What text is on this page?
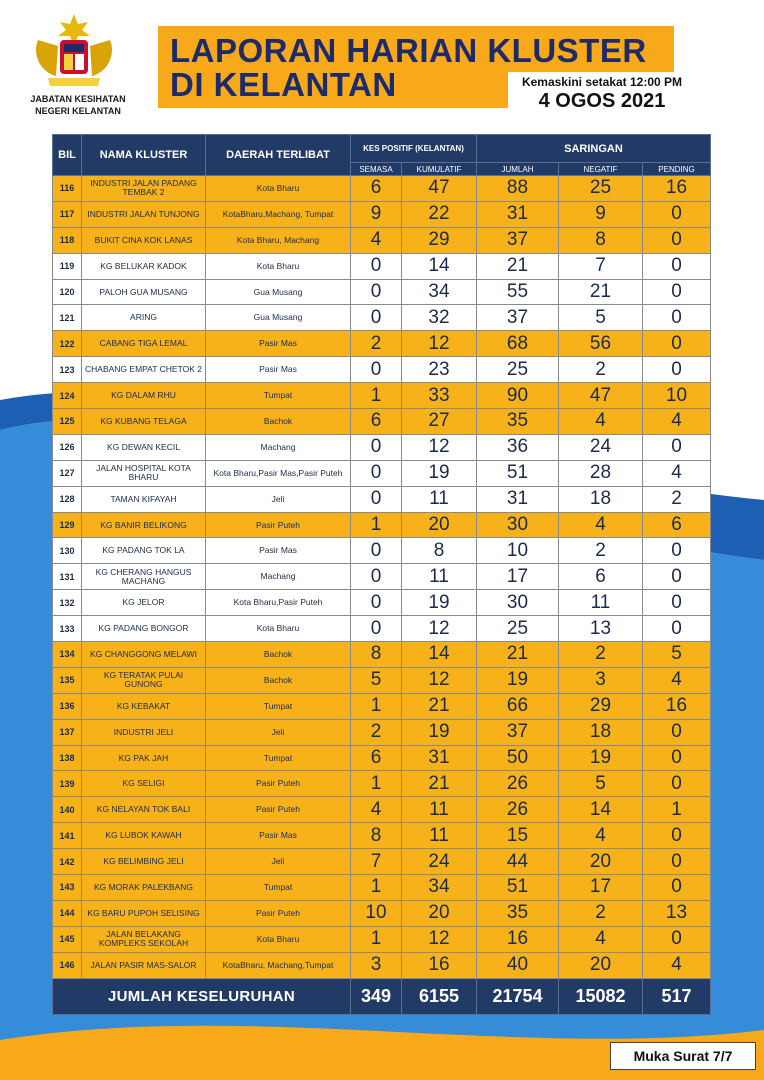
JABATAN KESIHATAN
NEGERI KELANTAN
LAPORAN HARIAN KLUSTER
DI KELANTAN	Kemaskini setakat 12:00 PM
4 OGOS 2021
BIL	NAMA KLUSTER	DAERAH TERLIBAT	KES POSITIF (KELANTAN)		SARINGAN		
			SEMASA	KUMULATIF	JUMLAH	NEGATIF	PENDING
116	INDUSTRI JALAN PADANG TEMBAK 2	Kota Bharu	6	47	88	25	16
117	INDUSTRI JALAN TUNJONG	KotaBharu,Machang, Tumpat	9	22	31	9	0
118	BUKIT CINA KOK LANAS	Kota Bharu, Machang	4	29	37	8	0
119	KG BELUKAR KADOK	Kota Bharu	0	14	21	7	0
120	PALOH GUA MUSANG	Gua Musang	0	34	55	21	0
121	ARING	Gua Musang	0	32	37	5	0
122	CABANG TIGA LEMAL	Pasir Mas	2	12	68	56	0
123	CHABANG EMPAT CHETOK 2	Pasir Mas	0	23	25	2	0
124	KG DALAM RHU	Tumpat	1	33	90	47	10
125	KG KUBANG TELAGA	Bachok	6	27	35	4	4
126	KG DEWAN KECIL	Machang	0	12	36	24	0
127	JALAN HOSPITAL KOTA BHARU	Kota Bharu,Pasir Mas,Pasir Puteh	0	19	51	28	4
128	TAMAN KIFAYAH	Jeli	0	11	31	18	2
129	KG BANIR BELIKONG	Pasir Puteh	1	20	30	4	6
130	KG PADANG TOK LA	Pasir Mas	0	8	10	2	0
131	KG CHERANG HANGUS MACHANG	Machang	0	11	17	6	0
132	KG JELOR	Kota Bharu,Pasir Puteh	0	19	30	11	0
133	KG PADANG BONGOR	Kota Bharu	0	12	25	13	0
134	KG CHANGGONG MELAWI	Bachok	8	14	21	2	5
135	KG TERATAK PULAI GUNONG	Bachok	5	12	19	3	4
136	KG KEBAKAT	Tumpat	1	21	66	29	16
137	INDUSTRI JELI	Jeli	2	19	37	18	0
138	KG PAK JAH	Tumpat	6	31	50	19	0
139	KG SELIGI	Pasir Puteh	1	21	26	5	0
140	KG NELAYAN TOK BALI	Pasir Puteh	4	11	26	14	1
141	KG LUBOK KAWAH	Pasir Mas	8	11	15	4	0
142	KG BELIMBING JELI	Jeli	7	24	44	20	0
143	KG MORAK PALEKBANG	Tumpat	1	34	51	17	0
144	KG BARU PUPOH SELISING	Pasir Puteh	10	20	35	2	13
145	JALAN BELAKANG KOMPLEKS SEKOLAH	Kota Bharu	1	12	16	4	0
146	JALAN PASIR MAS-SALOR	KotaBharu, Machang,Tumpat	3	16	40	20	4
JUMLAH KESELURUHAN			349	6155	21754	15082	517
Muka Surat 7/7
